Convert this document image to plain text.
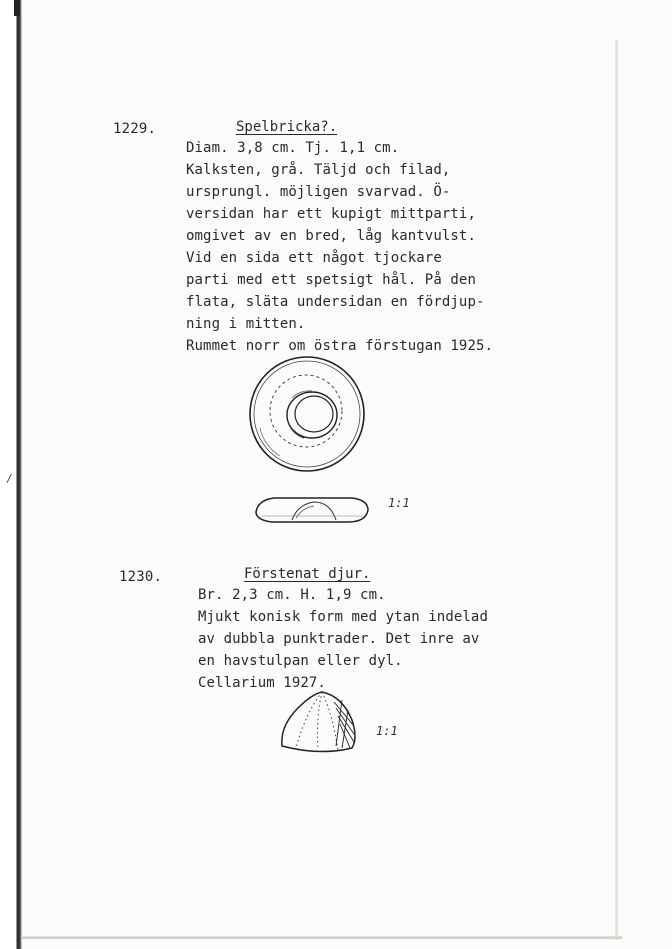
/
1229.	Spelbricka?.
Diam. 3,8 cm. Tj. 1,1 cm.
Kalksten, grå. Täljd och filad,
ursprungl. möjligen svarvad. Ö-
versidan har ett kupigt mittparti,
omgivet av en bred, låg kantvulst.
Vid en sida ett något tjockare
parti med ett spetsigt hål. På den
flata, släta undersidan en fördjup-
ning i mitten.
Rummet norr om östra förstugan 1925.
1:1
1230.	Förstenat djur.
Br. 2,3 cm. H. 1,9 cm.
Mjukt konisk form med ytan indelad
av dubbla punktrader. Det inre av
en havstulpan eller dyl.
Cellarium 1927.
1:1
